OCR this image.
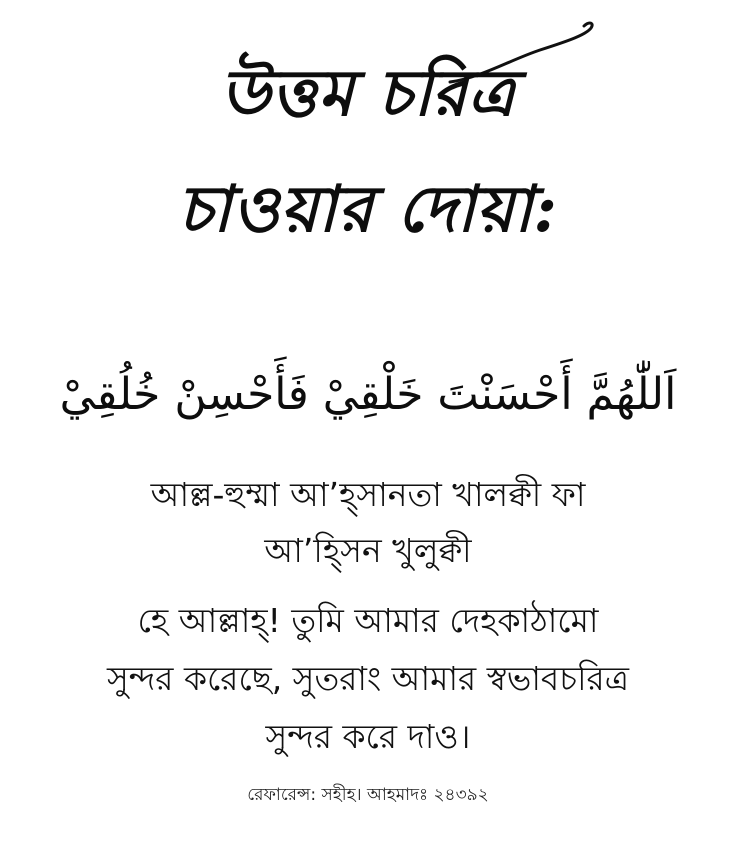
উত্তম চরিত্র
চাওয়ার দোয়া:
اَللّٰهُمَّ أَحْسَنْتَ خَلْقِيْ فَأَحْسِنْ خُلُقِيْ
আল্ল-হুম্মা আ’হ্সানতা খালক্বী ফা
আ’হ্সিন খুলুক্বী
হে আল্লাহ্! তুমি আমার দেহকাঠামো
সুন্দর করেছে, সুতরাং আমার স্বভাবচরিত্র
সুন্দর করে দাও।
রেফারেন্স: সহীহ। আহমাদঃ ২৪৩৯২
